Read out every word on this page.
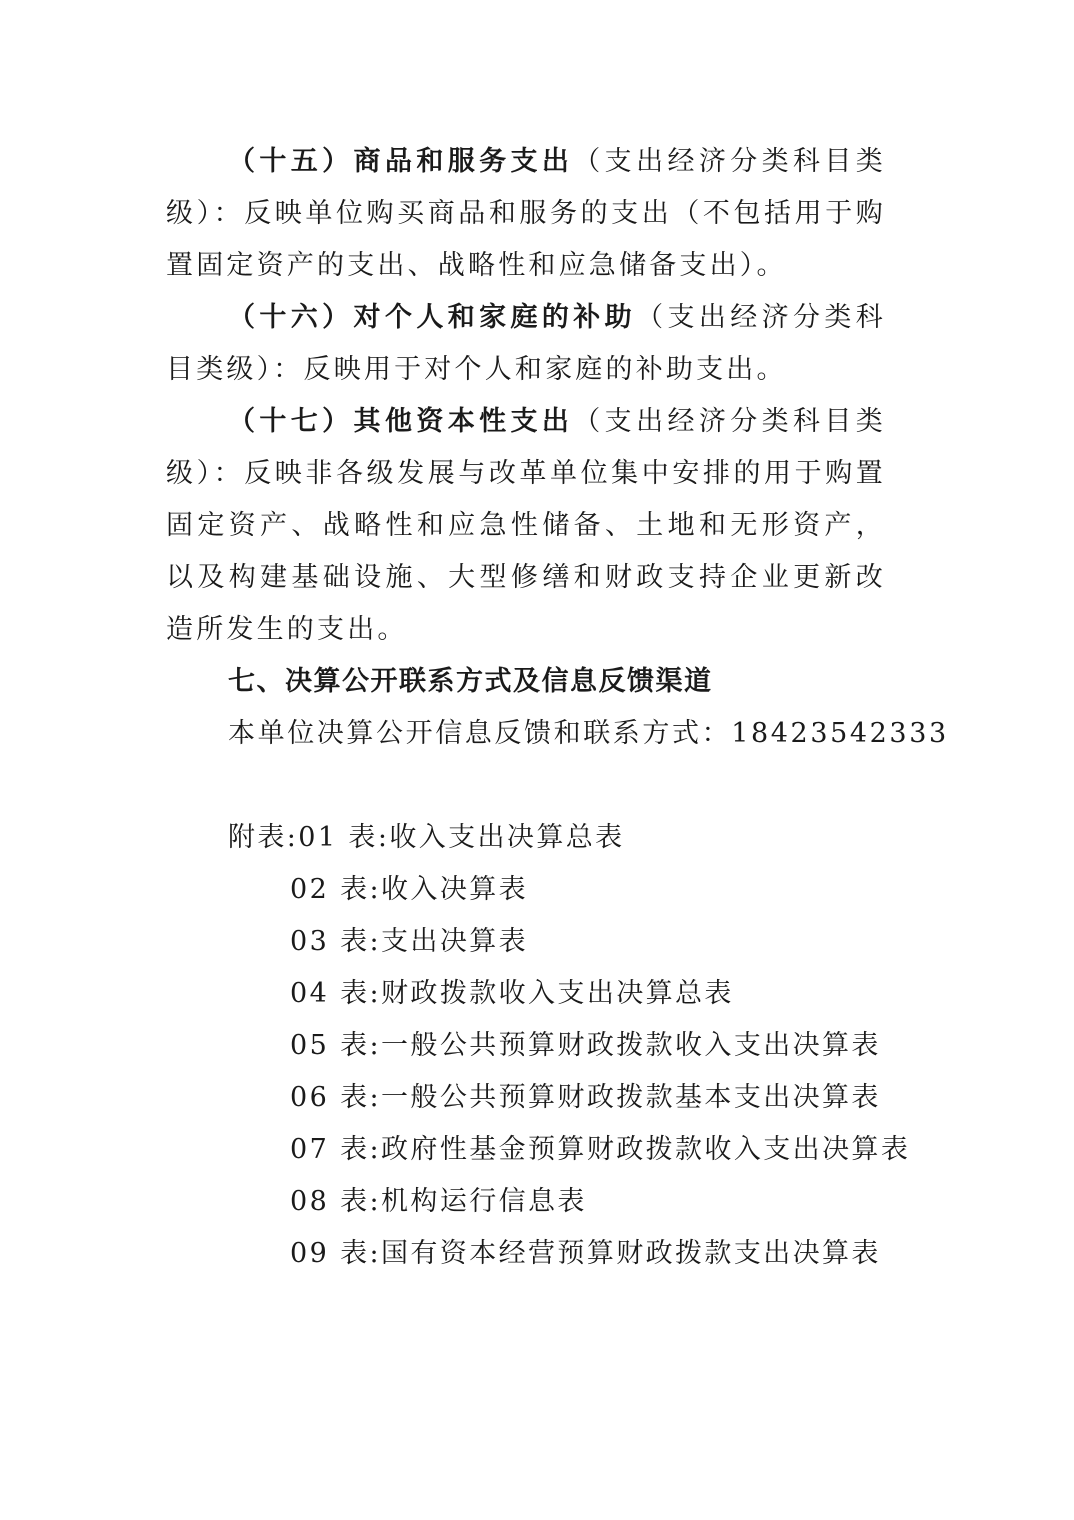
（十五）商品和服务支出（支出经济分类科目类级）：反映单位购买商品和服务的支出（不包括用于购置固定资产的支出、战略性和应急储备支出）。

（十六）对个人和家庭的补助（支出经济分类科目类级）：反映用于对个人和家庭的补助支出。

（十七）其他资本性支出（支出经济分类科目类级）：反映非各级发展与改革单位集中安排的用于购置固定资产、战略性和应急性储备、土地和无形资产，以及构建基础设施、大型修缮和财政支持企业更新改造所发生的支出。

七、决算公开联系方式及信息反馈渠道

本单位决算公开信息反馈和联系方式：18423542333

附表:01 表:收入支出决算总表
02 表:收入决算表
03 表:支出决算表
04 表:财政拨款收入支出决算总表
05 表:一般公共预算财政拨款收入支出决算表
06 表:一般公共预算财政拨款基本支出决算表
07 表:政府性基金预算财政拨款收入支出决算表
08 表:机构运行信息表
09 表:国有资本经营预算财政拨款支出决算表
